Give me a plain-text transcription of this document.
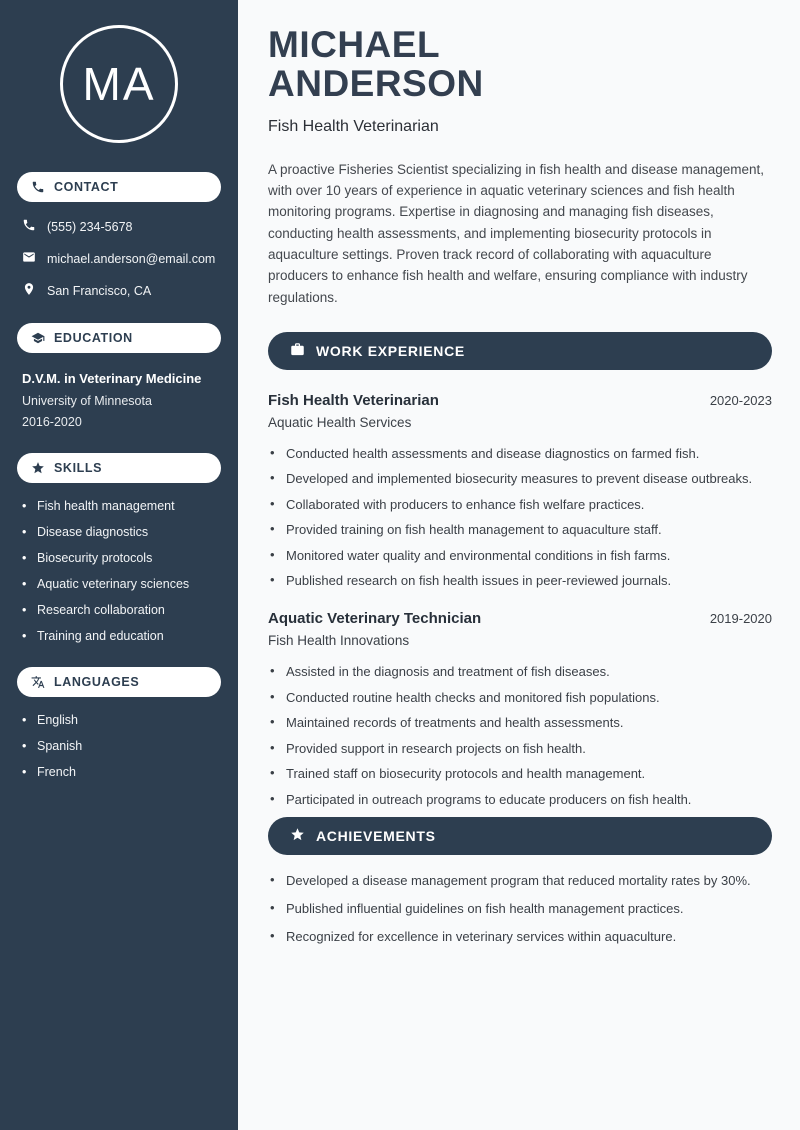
MA
CONTACT
(555) 234-5678
michael.anderson@email.com
San Francisco, CA
EDUCATION
D.V.M. in Veterinary Medicine
University of Minnesota
2016-2020
SKILLS
• Fish health management
• Disease diagnostics
• Biosecurity protocols
• Aquatic veterinary sciences
• Research collaboration
• Training and education
LANGUAGES
• English
• Spanish
• French
MICHAEL
ANDERSON
Fish Health Veterinarian

A proactive Fisheries Scientist specializing in fish health and disease management, with over 10 years of experience in aquatic veterinary sciences and fish health monitoring programs. Expertise in diagnosing and managing fish diseases, conducting health assessments, and implementing biosecurity protocols in aquaculture settings. Proven track record of collaborating with aquaculture producers to enhance fish health and welfare, ensuring compliance with industry regulations.

WORK EXPERIENCE
Fish Health Veterinarian	2020-2023
Aquatic Health Services
• Conducted health assessments and disease diagnostics on farmed fish.
• Developed and implemented biosecurity measures to prevent disease outbreaks.
• Collaborated with producers to enhance fish welfare practices.
• Provided training on fish health management to aquaculture staff.
• Monitored water quality and environmental conditions in fish farms.
• Published research on fish health issues in peer-reviewed journals.
Aquatic Veterinary Technician	2019-2020
Fish Health Innovations
• Assisted in the diagnosis and treatment of fish diseases.
• Conducted routine health checks and monitored fish populations.
• Maintained records of treatments and health assessments.
• Provided support in research projects on fish health.
• Trained staff on biosecurity protocols and health management.
• Participated in outreach programs to educate producers on fish health.
ACHIEVEMENTS
• Developed a disease management program that reduced mortality rates by 30%.
• Published influential guidelines on fish health management practices.
• Recognized for excellence in veterinary services within aquaculture.
